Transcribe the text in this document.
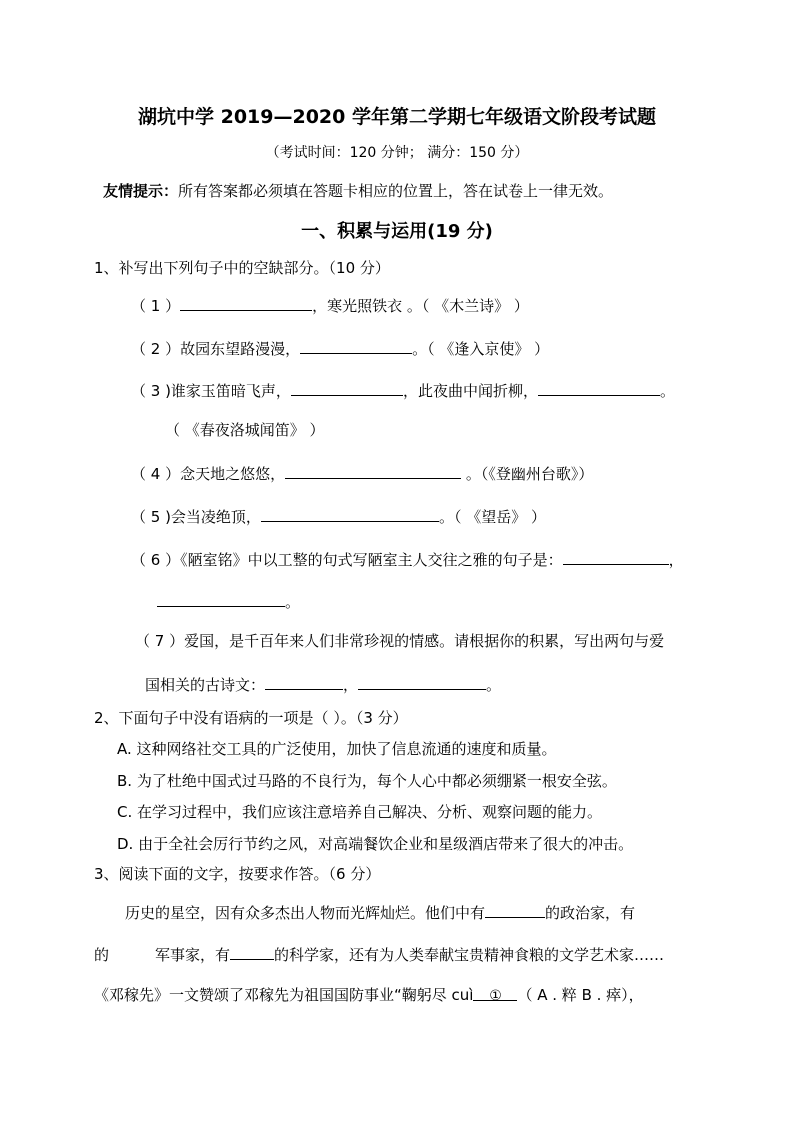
湖坑中学 2019—2020 学年第二学期七年级语文阶段考试题
（考试时间：120 分钟； 满分：150 分）
友情提示：所有答案都必须填在答题卡相应的位置上，答在试卷上一律无效。
一、积累与运用(19 分)
1、补写出下列句子中的空缺部分。（10 分）
（ 1 ）	，寒光照铁衣 。（ 《木兰诗》 ）
（ 2 ）故园东望路漫漫，	。（ 《逢入京使》 ）
（ 3 )谁家玉笛暗飞声，	，此夜曲中闻折柳，	。
（ 《春夜洛城闻笛》 ）
（ 4 ）念天地之悠悠，	。（《登幽州台歌》）
（ 5 )会当凌绝顶，	。（ 《望岳》 ）
（ 6 ）《陋室铭》中以工整的句式写陋室主人交往之雅的句子是：	，
。
（ 7 ）爱国，是千百年来人们非常珍视的情感。请根据你的积累，写出两句与爱
国相关的古诗文：	，	。
2、下面句子中没有语病的一项是（ ）。（3 分）
A. 这种网络社交工具的广泛使用，加快了信息流通的速度和质量。
B. 为了杜绝中国式过马路的不良行为，每个人心中都必须绷紧一根安全弦。
C. 在学习过程中，我们应该注意培养自己解决、分析、观察问题的能力。
D. 由于全社会厉行节约之风，对高端餐饮企业和星级酒店带来了很大的冲击。
3、阅读下面的文字，按要求作答。（6 分）
历史的星空，因有众多杰出人物而光辉灿烂。他们中有	的政治家，有
的	军事家，有	的科学家，还有为人类奉献宝贵精神食粮的文学艺术家……
《邓稼先》一文赞颂了邓稼先为祖国国防事业“鞠躬尽 cuì ① （ A . 粹 B . 瘁），
